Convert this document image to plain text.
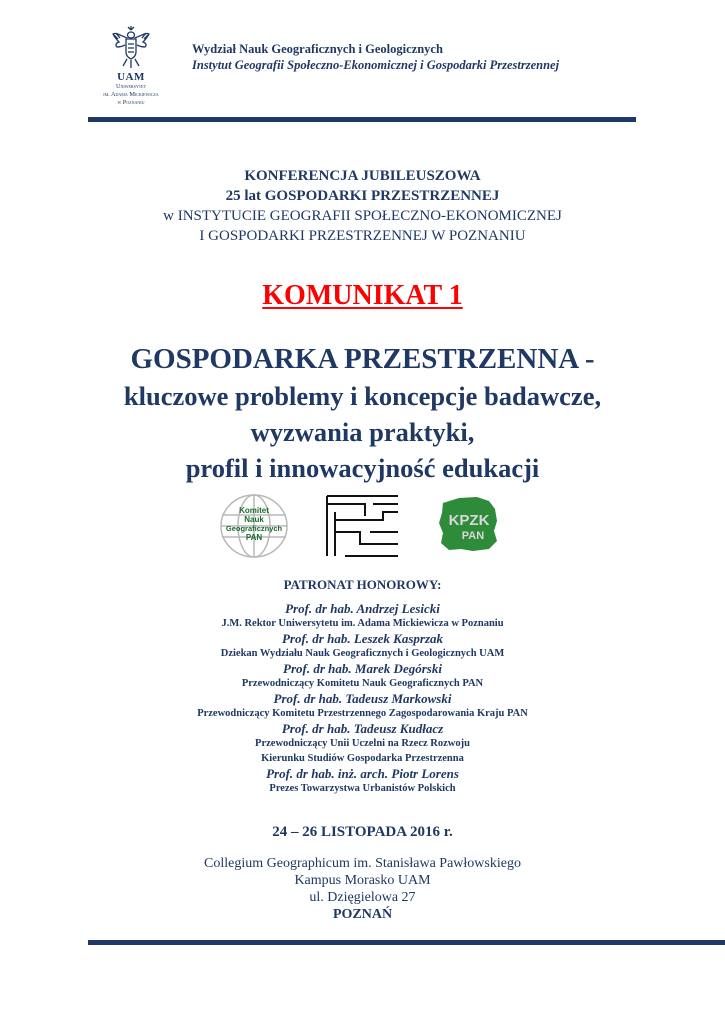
UAM
Uniwersytet
im. Adama Mickiewicza
w Poznaniu
Wydział Nauk Geograficznych i Geologicznych
Instytut Geografii Społeczno-Ekonomicznej i Gospodarki Przestrzennej
KONFERENCJA JUBILEUSZOWA
25 lat GOSPODARKI PRZESTRZENNEJ
w INSTYTUCIE GEOGRAFII SPOŁECZNO-EKONOMICZNEJ
I GOSPODARKI PRZESTRZENNEJ W POZNANIU
KOMUNIKAT 1
GOSPODARKA PRZESTRZENNA -
kluczowe problemy i koncepcje badawcze,
wyzwania praktyki,
profil i innowacyjność edukacji
Komitet
Nauk
Geograficznych
PAN
KPZK
PAN
PATRONAT HONOROWY:
Prof. dr hab. Andrzej Lesicki
J.M. Rektor Uniwersytetu im. Adama Mickiewicza w Poznaniu
Prof. dr hab. Leszek Kasprzak
Dziekan Wydziału Nauk Geograficznych i Geologicznych UAM
Prof. dr hab. Marek Degórski
Przewodniczący Komitetu Nauk Geograficznych PAN
Prof. dr hab. Tadeusz Markowski
Przewodniczący Komitetu Przestrzennego Zagospodarowania Kraju PAN
Prof. dr hab. Tadeusz Kudłacz
Przewodniczący Unii Uczelni na Rzecz Rozwoju
Kierunku Studiów Gospodarka Przestrzenna
Prof. dr hab. inż. arch. Piotr Lorens
Prezes Towarzystwa Urbanistów Polskich
24 – 26 LISTOPADA 2016 r.
Collegium Geographicum im. Stanisława Pawłowskiego
Kampus Morasko UAM
ul. Dzięgielowa 27
POZNAŃ
